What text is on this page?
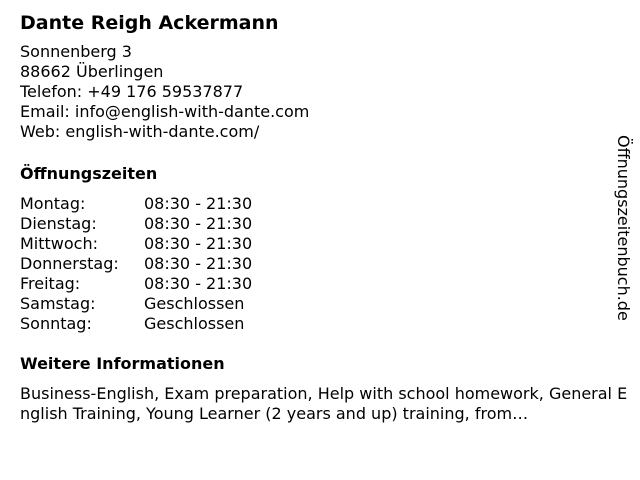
Dante Reigh Ackermann
Sonnenberg 3
88662 Überlingen
Telefon: +49 176 59537877
Email: info@english-with-dante.com
Web: english-with-dante.com/
Öffnungszeiten
Montag:	08:30 - 21:30
Dienstag:	08:30 - 21:30
Mittwoch:	08:30 - 21:30
Donnerstag:	08:30 - 21:30
Freitag:	08:30 - 21:30
Samstag:	Geschlossen
Sonntag:	Geschlossen
Weitere Informationen
Business-English, Exam preparation, Help with school homework, General English Training, Young Learner (2 years and up) training, from…
Öffnungszeitenbuch.de
